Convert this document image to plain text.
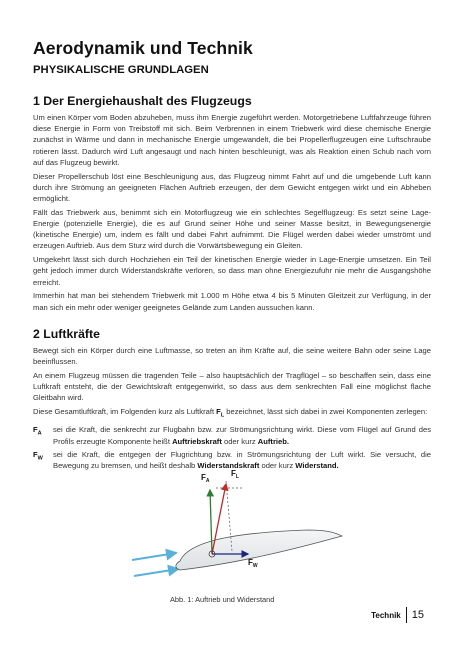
Aerodynamik und Technik
PHYSIKALISCHE GRUNDLAGEN
1 Der Energiehaushalt des Flugzeugs

Um einen Körper vom Boden abzuheben, muss ihm Energie zugeführt werden. Motorgetriebene Luftfahrzeuge führen diese Energie in Form von Treibstoff mit sich. Beim Verbrennen in einem Triebwerk wird diese chemische Energie zunächst in Wärme und dann in mechanische Energie umgewandelt, die bei Propellerflugzeugen eine Luftschraube rotieren lässt. Dadurch wird Luft angesaugt und nach hinten beschleunigt, was als Reaktion einen Schub nach vorn auf das Flugzeug bewirkt.

Dieser Propellerschub löst eine Beschleunigung aus, das Flugzeug nimmt Fahrt auf und die umgebende Luft kann durch ihre Strömung an geeigneten Flächen Auftrieb erzeugen, der dem Gewicht entgegen wirkt und ein Abheben ermöglicht.

Fällt das Triebwerk aus, benimmt sich ein Motorflugzeug wie ein schlechtes Segelflugzeug: Es setzt seine Lage-Energie (potenzielle Energie), die es auf Grund seiner Höhe und seiner Masse besitzt, in Bewegungsenergie (kinetische Energie) um, indem es fällt und dabei Fahrt aufnimmt. Die Flügel werden dabei wieder umströmt und erzeugen Auftrieb. Aus dem Sturz wird durch die Vorwärtsbewegung ein Gleiten.

Umgekehrt lässt sich durch Hochziehen ein Teil der kinetischen Energie wieder in Lage-Energie umsetzen. Ein Teil geht jedoch immer durch Widerstandskräfte verloren, so dass man ohne Energiezufuhr nie mehr die Ausgangshöhe erreicht.

Immerhin hat man bei stehendem Triebwerk mit 1.000 m Höhe etwa 4 bis 5 Minuten Gleitzeit zur Verfügung, in der man sich ein mehr oder weniger geeignetes Gelände zum Landen aussuchen kann.

2 Luftkräfte

Bewegt sich ein Körper durch eine Luftmasse, so treten an ihm Kräfte auf, die seine weitere Bahn oder seine Lage beeinflussen.

An einem Flugzeug müssen die tragenden Teile – also hauptsächlich der Tragflügel – so beschaffen sein, dass eine Luftkraft entsteht, die der Gewichtskraft entgegenwirkt, so dass aus dem senkrechten Fall eine möglichst flache Gleitbahn wird.

Diese Gesamtluftkraft, im Folgenden kurz als Luftkraft $F_L$ bezeichnet, lässt sich dabei in zwei Komponenten zerlegen:

$F_A$	sei die Kraft, die senkrecht zur Flugbahn bzw. zur Strömungsrichtung wirkt. Diese vom Flügel auf Grund des Profils erzeugte Komponente heißt Auftriebskraft oder kurz Auftrieb.
$F_W$	sei die Kraft, die entgegen der Flugrichtung bzw. in Strömungsrichtung der Luft wirkt. Sie versucht, die Bewegung zu bremsen, und heißt deshalb Widerstandskraft oder kurz Widerstand.
$F_A$
$F_L$
$F_W$
Abb. 1: Auftrieb und Widerstand
Technik 15
